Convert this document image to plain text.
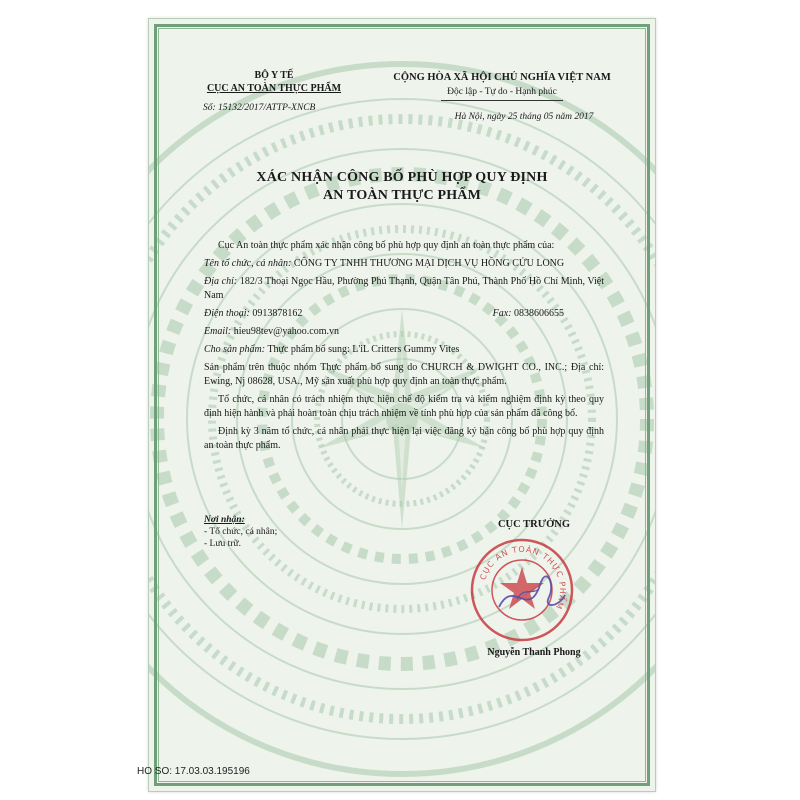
BỘ Y TẾ
CỤC AN TOÀN THỰC PHẨM
Số: 15132/2017/ATTP-XNCB
CỘNG HÒA XÃ HỘI CHỦ NGHĨA VIỆT NAM
Độc lập - Tự do - Hạnh phúc
Hà Nội, ngày 25 tháng 05 năm 2017
XÁC NHẬN CÔNG BỐ PHÙ HỢP QUY ĐỊNH
AN TOÀN THỰC PHẨM

Cục An toàn thực phẩm xác nhận công bố phù hợp quy định an toàn thực phẩm của:

Tên tổ chức, cá nhân: CÔNG TY TNHH THƯƠNG MẠI DỊCH VỤ HỒNG CỬU LONG

Địa chỉ: 182/3 Thoại Ngọc Hầu, Phường Phú Thạnh, Quận Tân Phú, Thành Phố Hồ Chí Minh, Việt Nam

Điện thoại: 0913878162	Fax: 0838606655

Email: hieu98tev@yahoo.com.vn

Cho sản phẩm: Thực phẩm bổ sung: L'iL Critters Gummy Vites

Sản phẩm trên thuộc nhóm Thực phẩm bổ sung do CHURCH & DWIGHT CO., INC.; Địa chỉ: Ewing, Nj 08628, USA., Mỹ sản xuất phù hợp quy định an toàn thực phẩm.

Tổ chức, cá nhân có trách nhiệm thực hiện chế độ kiểm tra và kiểm nghiệm định kỳ theo quy định hiện hành và phải hoàn toàn chịu trách nhiệm về tính phù hợp của sản phẩm đã công bố.

Định kỳ 3 năm tổ chức, cá nhân phải thực hiện lại việc đăng ký bản công bố phù hợp quy định an toàn thực phẩm.

Nơi nhận:
- Tổ chức, cá nhân;
- Lưu trữ.
CỤC TRƯỞNG
CỤC AN TOÀN THỰC PHẨM
Nguyễn Thanh Phong
HO SO: 17.03.03.195196
